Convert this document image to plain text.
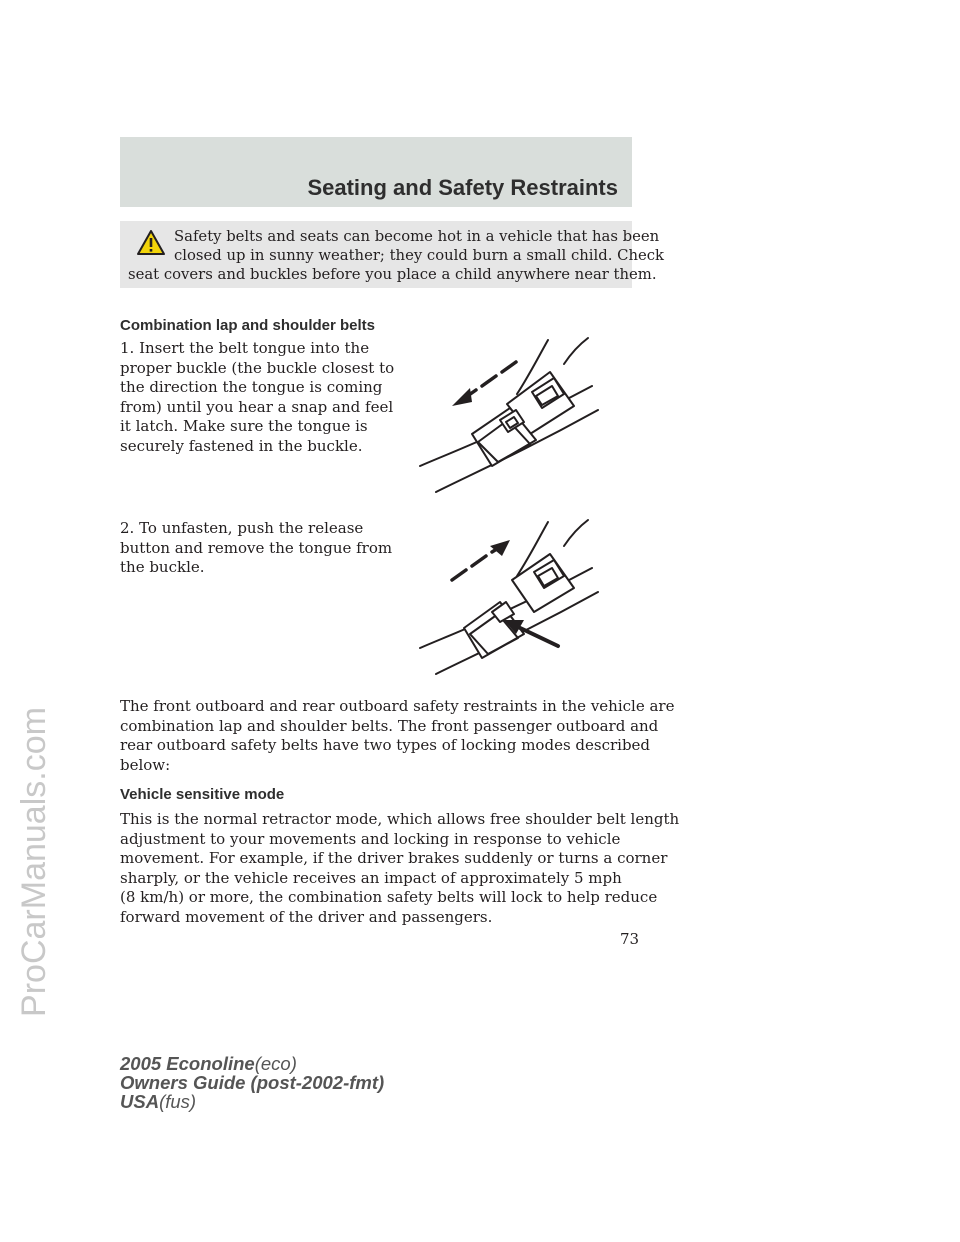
ProCarManuals.com
Seating and Safety Restraints
Safety belts and seats can become hot in a vehicle that has been
closed up in sunny weather; they could burn a small child. Check
seat covers and buckles before you place a child anywhere near them.
Combination lap and shoulder belts

1. Insert the belt tongue into the
proper buckle (the buckle closest to
the direction the tongue is coming
from) until you hear a snap and feel
it latch. Make sure the tongue is
securely fastened in the buckle.

2. To unfasten, push the release
button and remove the tongue from
the buckle.

The front outboard and rear outboard safety restraints in the vehicle are
combination lap and shoulder belts. The front passenger outboard and
rear outboard safety belts have two types of locking modes described
below:

Vehicle sensitive mode

This is the normal retractor mode, which allows free shoulder belt length
adjustment to your movements and locking in response to vehicle
movement. For example, if the driver brakes suddenly or turns a corner
sharply, or the vehicle receives an impact of approximately 5 mph
(8 km/h) or more, the combination safety belts will lock to help reduce
forward movement of the driver and passengers.

73
2005 Econoline(eco)
Owners Guide (post-2002-fmt)
USA(fus)
